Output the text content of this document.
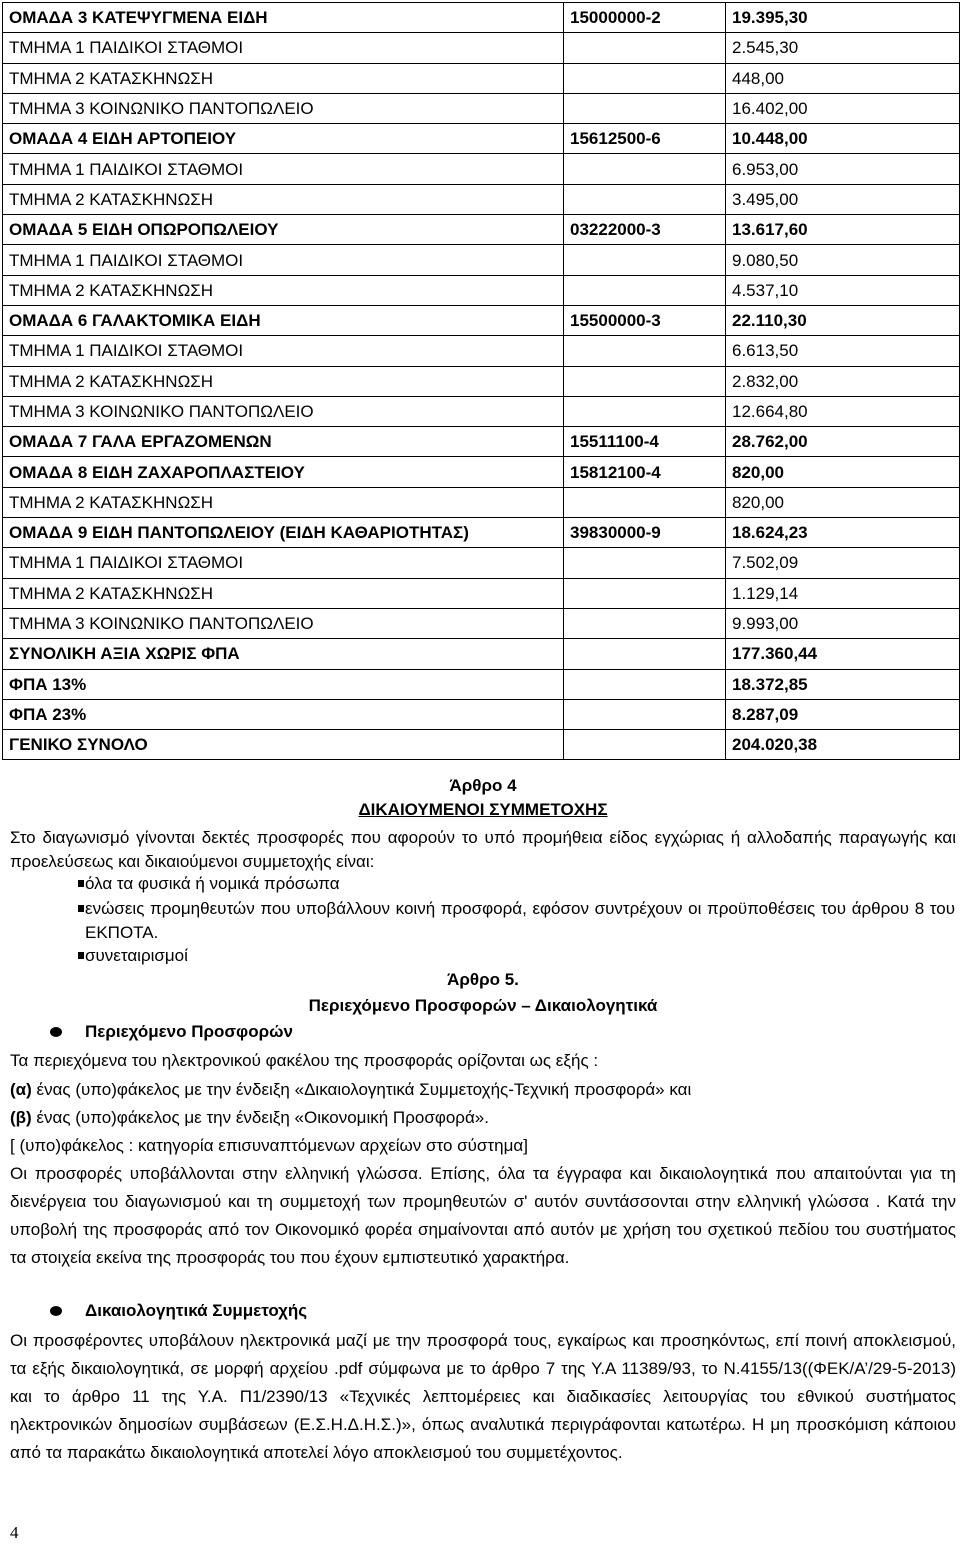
ΟΜΑΔΑ 3 ΚΑΤΕΨΥΓΜΕΝΑ ΕΙΔΗ	15000000-2	19.395,30
ΤΜΗΜΑ 1 ΠΑΙΔΙΚΟΙ ΣΤΑΘΜΟΙ		2.545,30
ΤΜΗΜΑ 2 ΚΑΤΑΣΚΗΝΩΣΗ		448,00
ΤΜΗΜΑ 3 ΚΟΙΝΩΝΙΚΟ ΠΑΝΤΟΠΩΛΕΙΟ		16.402,00
ΟΜΑΔΑ 4 ΕΙΔΗ ΑΡΤΟΠΕΙΟΥ	15612500-6	10.448,00
ΤΜΗΜΑ 1 ΠΑΙΔΙΚΟΙ ΣΤΑΘΜΟΙ		6.953,00
ΤΜΗΜΑ 2 ΚΑΤΑΣΚΗΝΩΣΗ		3.495,00
ΟΜΑΔΑ 5 ΕΙΔΗ ΟΠΩΡΟΠΩΛΕΙΟΥ	03222000-3	13.617,60
ΤΜΗΜΑ 1 ΠΑΙΔΙΚΟΙ ΣΤΑΘΜΟΙ		9.080,50
ΤΜΗΜΑ 2 ΚΑΤΑΣΚΗΝΩΣΗ		4.537,10
ΟΜΑΔΑ 6 ΓΑΛΑΚΤΟΜΙΚΑ ΕΙΔΗ	15500000-3	22.110,30
ΤΜΗΜΑ 1 ΠΑΙΔΙΚΟΙ ΣΤΑΘΜΟΙ		6.613,50
ΤΜΗΜΑ 2 ΚΑΤΑΣΚΗΝΩΣΗ		2.832,00
ΤΜΗΜΑ 3 ΚΟΙΝΩΝΙΚΟ ΠΑΝΤΟΠΩΛΕΙΟ		12.664,80
ΟΜΑΔΑ 7 ΓΑΛΑ ΕΡΓΑΖΟΜΕΝΩΝ	15511100-4	28.762,00
ΟΜΑΔΑ 8 ΕΙΔΗ ΖΑΧΑΡΟΠΛΑΣΤΕΙΟΥ	15812100-4	820,00
ΤΜΗΜΑ 2 ΚΑΤΑΣΚΗΝΩΣΗ		820,00
ΟΜΑΔΑ 9 ΕΙΔΗ ΠΑΝΤΟΠΩΛΕΙΟΥ (ΕΙΔΗ ΚΑΘΑΡΙΟΤΗΤΑΣ)	39830000-9	18.624,23
ΤΜΗΜΑ 1 ΠΑΙΔΙΚΟΙ ΣΤΑΘΜΟΙ		7.502,09
ΤΜΗΜΑ 2 ΚΑΤΑΣΚΗΝΩΣΗ		1.129,14
ΤΜΗΜΑ 3 ΚΟΙΝΩΝΙΚΟ ΠΑΝΤΟΠΩΛΕΙΟ		9.993,00
ΣΥΝΟΛΙΚΗ ΑΞΙΑ ΧΩΡΙΣ ΦΠΑ		177.360,44
ΦΠΑ 13%		18.372,85
ΦΠΑ 23%		8.287,09
ΓΕΝΙΚΟ ΣΥΝΟΛΟ		204.020,38
Άρθρο 4
ΔΙΚΑΙΟΥΜΕΝΟΙ ΣΥΜΜΕΤΟΧΗΣ
Στο διαγωνισμό γίνονται δεκτές προσφορές που αφορούν το υπό προμήθεια είδος εγχώριας ή αλλοδαπής παραγωγής και προελεύσεως και δικαιούμενοι συμμετοχής είναι:
όλα τα φυσικά ή νομικά πρόσωπα
ενώσεις προμηθευτών που υποβάλλουν κοινή προσφορά, εφόσον συντρέχουν οι προϋποθέσεις του άρθρου 8 του ΕΚΠΟΤΑ.
συνεταιρισμοί
Άρθρο 5.
Περιεχόμενο Προσφορών – Δικαιολογητικά
Περιεχόμενο Προσφορών
Τα περιεχόμενα του ηλεκτρονικού φακέλου της προσφοράς ορίζονται ως εξής :
(α) ένας (υπο)φάκελος με την ένδειξη «Δικαιολογητικά Συμμετοχής-Τεχνική προσφορά» και
(β) ένας (υπο)φάκελος με την ένδειξη «Οικονομική Προσφορά».
[ (υπο)φάκελος : κατηγορία επισυναπτόμενων αρχείων στο σύστημα]
Οι προσφορές υποβάλλονται στην ελληνική γλώσσα. Επίσης, όλα τα έγγραφα και δικαιολογητικά που απαιτούνται για τη διενέργεια του διαγωνισμού και τη συμμετοχή των προμηθευτών σ' αυτόν συντάσσονται στην ελληνική γλώσσα . Κατά την υποβολή της προσφοράς από τον Οικονομικό φορέα σημαίνονται από αυτόν με χρήση του σχετικού πεδίου του συστήματος τα στοιχεία εκείνα της προσφοράς του που έχουν εμπιστευτικό χαρακτήρα.
Δικαιολογητικά Συμμετοχής
Οι προσφέροντες υποβάλουν ηλεκτρονικά μαζί με την προσφορά τους, εγκαίρως και προσηκόντως, επί ποινή αποκλεισμού, τα εξής δικαιολογητικά, σε μορφή αρχείου .pdf σύμφωνα με το άρθρο 7 της Υ.Α 11389/93, το Ν.4155/13((ΦΕΚ/Α’/29-5-2013) και το άρθρο 11 της Υ.Α. Π1/2390/13 «Τεχνικές λεπτομέρειες και διαδικασίες λειτουργίας του εθνικού συστήματος ηλεκτρονικών δημοσίων συμβάσεων (Ε.Σ.Η.Δ.Η.Σ.)», όπως αναλυτικά περιγράφονται κατωτέρω. Η μη προσκόμιση κάποιου από τα παρακάτω δικαιολογητικά αποτελεί λόγο αποκλεισμού του συμμετέχοντος.
4
